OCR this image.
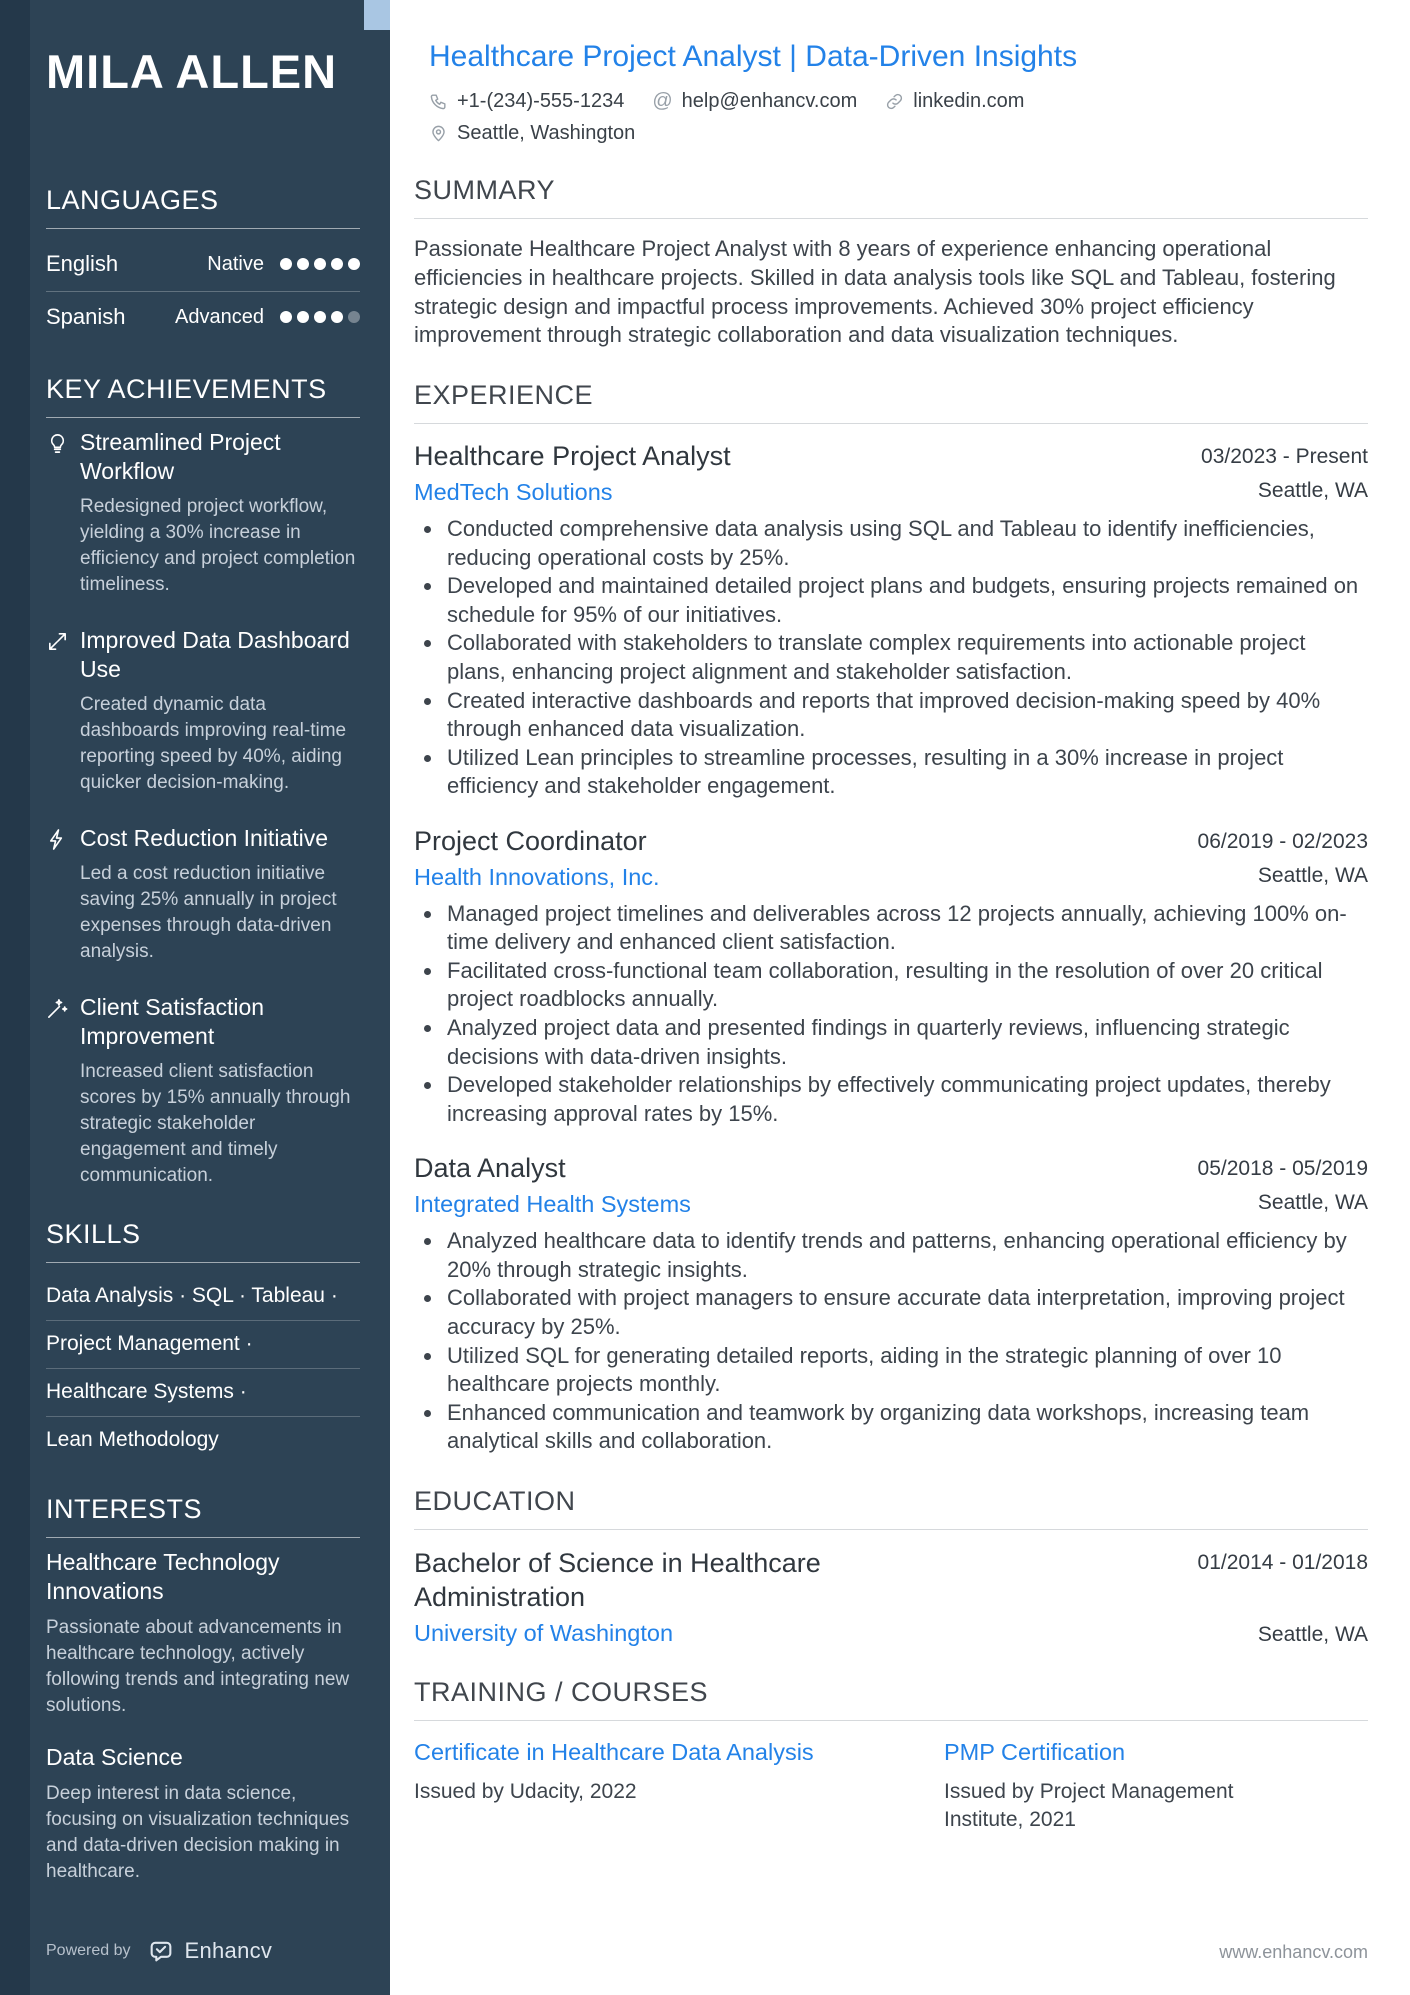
MILA ALLEN
LANGUAGES
English	Native
Spanish	Advanced
KEY ACHIEVEMENTS
Streamlined Project Workflow
Redesigned project workflow, yielding a 30% increase in efficiency and project completion timeliness.
Improved Data Dashboard Use
Created dynamic data dashboards improving real-time reporting speed by 40%, aiding quicker decision-making.
Cost Reduction Initiative
Led a cost reduction initiative saving 25% annually in project expenses through data-driven analysis.
Client Satisfaction Improvement
Increased client satisfaction scores by 15% annually through strategic stakeholder engagement and timely communication.
SKILLS
Data Analysis · SQL · Tableau ·
Project Management ·
Healthcare Systems ·
Lean Methodology
INTERESTS
Healthcare Technology Innovations
Passionate about advancements in healthcare technology, actively following trends and integrating new solutions.
Data Science
Deep interest in data science, focusing on visualization techniques and data-driven decision making in healthcare.
Powered by Enhancv
Healthcare Project Analyst | Data-Driven Insights
+1-(234)-555-1234 @ help@enhancv.com	linkedin.com
Seattle, Washington
SUMMARY

Passionate Healthcare Project Analyst with 8 years of experience enhancing operational efficiencies in healthcare projects. Skilled in data analysis tools like SQL and Tableau, fostering strategic design and impactful process improvements. Achieved 30% project efficiency improvement through strategic collaboration and data visualization techniques.

EXPERIENCE
Healthcare Project Analyst	03/2023 - Present
MedTech Solutions	Seattle, WA
• Conducted comprehensive data analysis using SQL and Tableau to identify inefficiencies, reducing operational costs by 25%.
• Developed and maintained detailed project plans and budgets, ensuring projects remained on schedule for 95% of our initiatives.
• Collaborated with stakeholders to translate complex requirements into actionable project plans, enhancing project alignment and stakeholder satisfaction.
• Created interactive dashboards and reports that improved decision-making speed by 40% through enhanced data visualization.
• Utilized Lean principles to streamline processes, resulting in a 30% increase in project efficiency and stakeholder engagement.
Project Coordinator	06/2019 - 02/2023
Health Innovations, Inc.	Seattle, WA
• Managed project timelines and deliverables across 12 projects annually, achieving 100% on-time delivery and enhanced client satisfaction.
• Facilitated cross-functional team collaboration, resulting in the resolution of over 20 critical project roadblocks annually.
• Analyzed project data and presented findings in quarterly reviews, influencing strategic decisions with data-driven insights.
• Developed stakeholder relationships by effectively communicating project updates, thereby increasing approval rates by 15%.
Data Analyst	05/2018 - 05/2019
Integrated Health Systems	Seattle, WA
• Analyzed healthcare data to identify trends and patterns, enhancing operational efficiency by 20% through strategic insights.
• Collaborated with project managers to ensure accurate data interpretation, improving project accuracy by 25%.
• Utilized SQL for generating detailed reports, aiding in the strategic planning of over 10 healthcare projects monthly.
• Enhanced communication and teamwork by organizing data workshops, increasing team analytical skills and collaboration.
EDUCATION
Bachelor of Science in Healthcare Administration
01/2014 - 01/2018
University of Washington	Seattle, WA
TRAINING / COURSES
Certificate in Healthcare Data Analysis
Issued by Udacity, 2022
PMP Certification
Issued by Project Management Institute, 2021
www.enhancv.com
